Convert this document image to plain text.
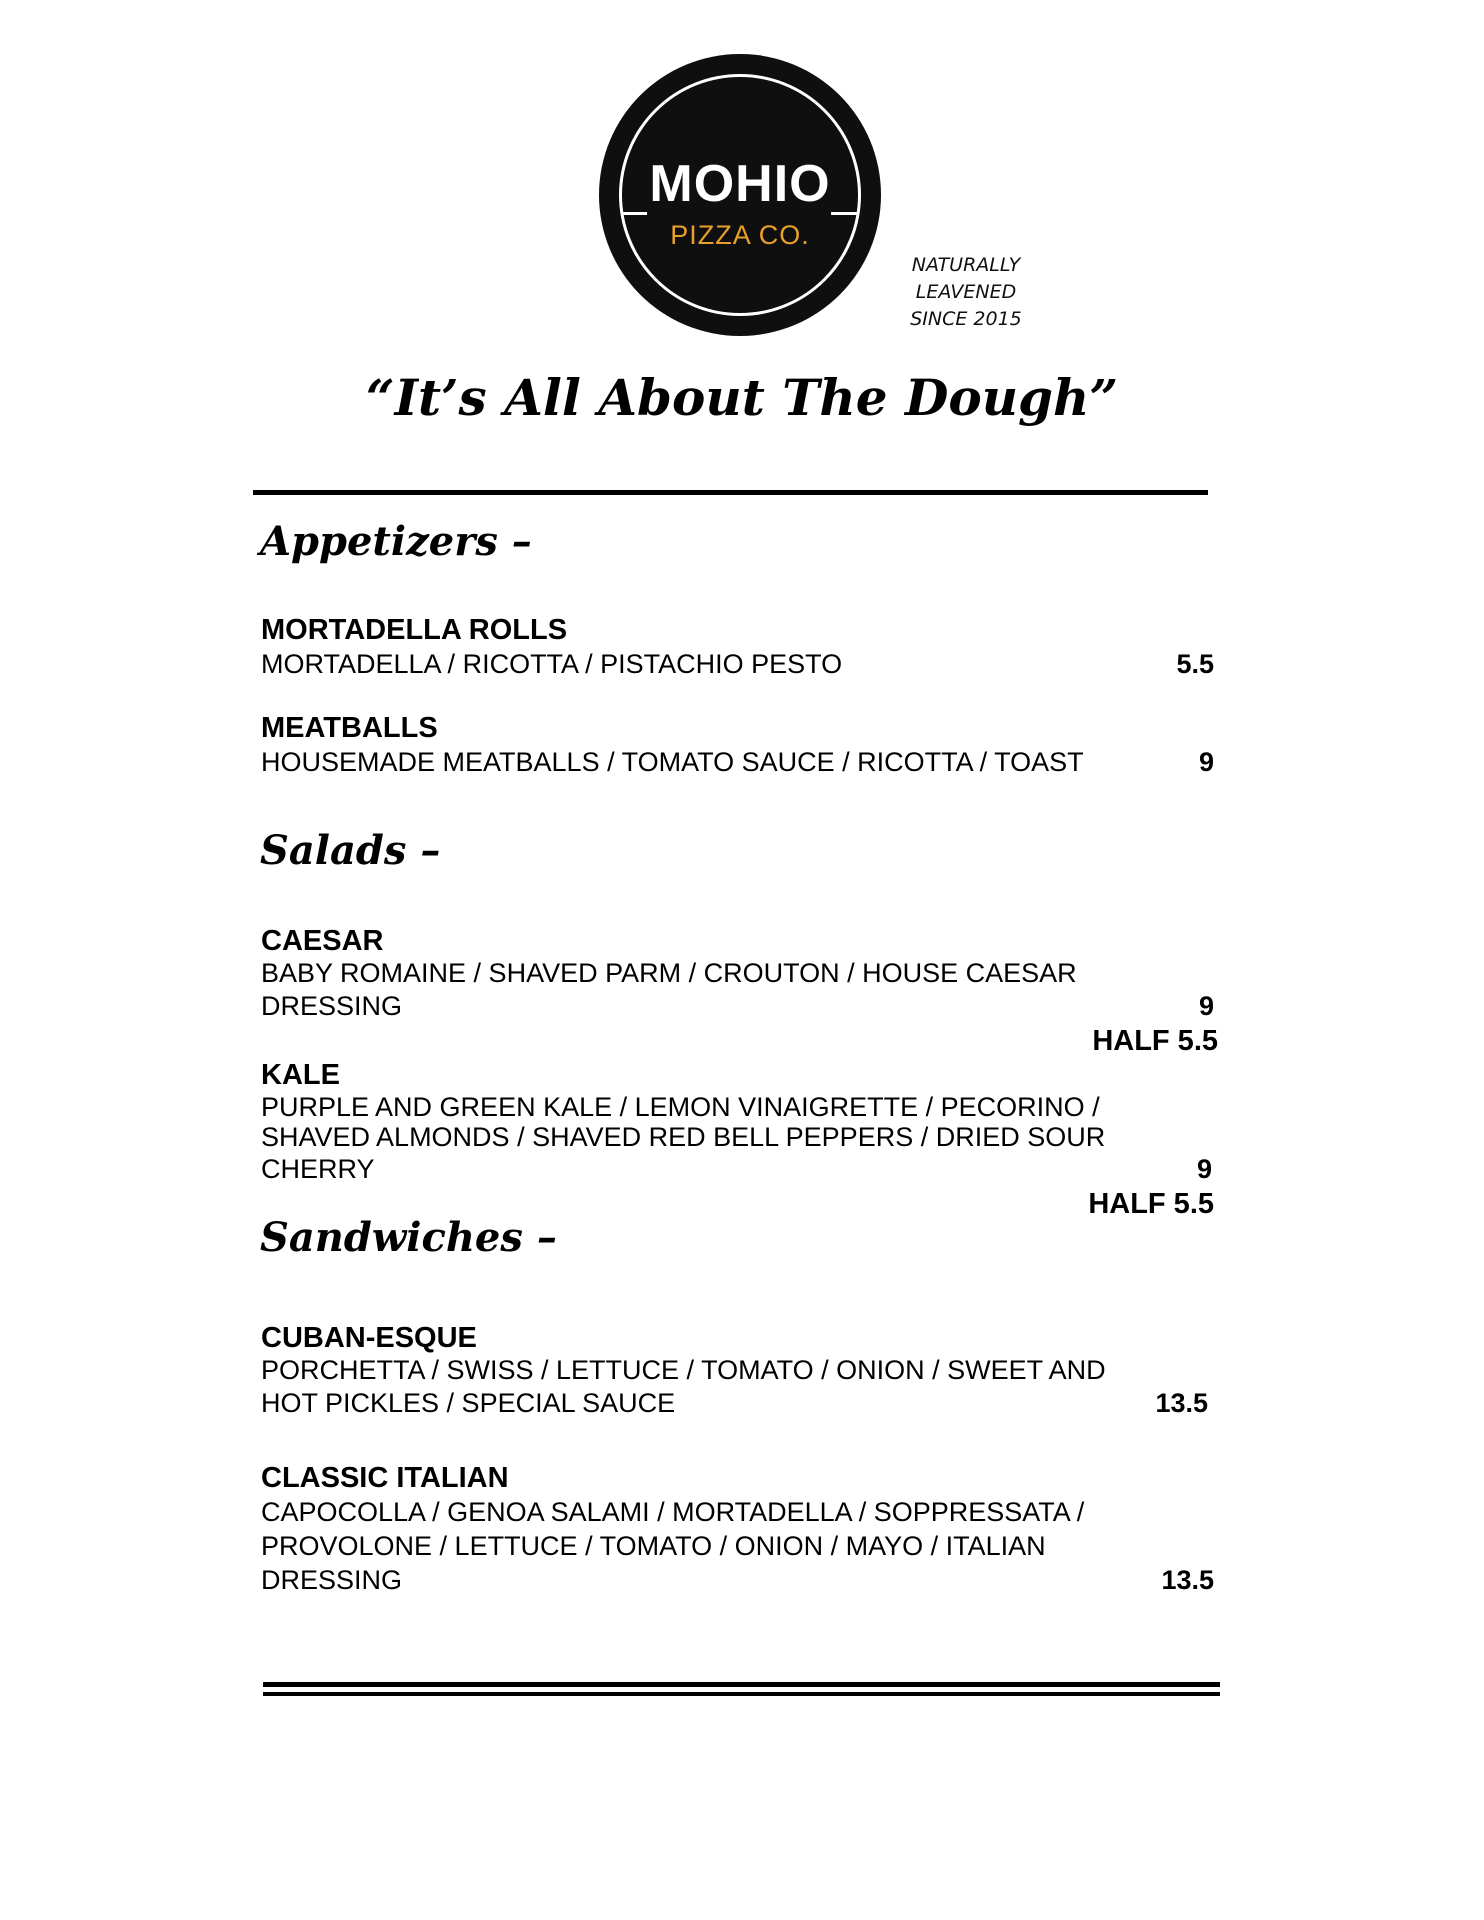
MOHIO
PIZZA CO.
NATURALLY
LEAVENED
SINCE 2015
“It’s All About The Dough”
Appetizers –
MORTADELLA ROLLS
MORTADELLA / RICOTTA / PISTACHIO PESTO	5.5
MEATBALLS
HOUSEMADE MEATBALLS / TOMATO SAUCE / RICOTTA / TOAST	9
Salads –
CAESAR
BABY ROMAINE / SHAVED PARM / CROUTON / HOUSE CAESAR
DRESSING	9
HALF 5.5
KALE
PURPLE AND GREEN KALE / LEMON VINAIGRETTE / PECORINO /
SHAVED ALMONDS / SHAVED RED BELL PEPPERS / DRIED SOUR
CHERRY	9
HALF 5.5
Sandwiches –
CUBAN-ESQUE
PORCHETTA / SWISS / LETTUCE / TOMATO / ONION / SWEET AND
HOT PICKLES / SPECIAL SAUCE	13.5
CLASSIC ITALIAN
CAPOCOLLA / GENOA SALAMI / MORTADELLA / SOPPRESSATA /
PROVOLONE / LETTUCE / TOMATO / ONION / MAYO / ITALIAN
DRESSING	13.5
